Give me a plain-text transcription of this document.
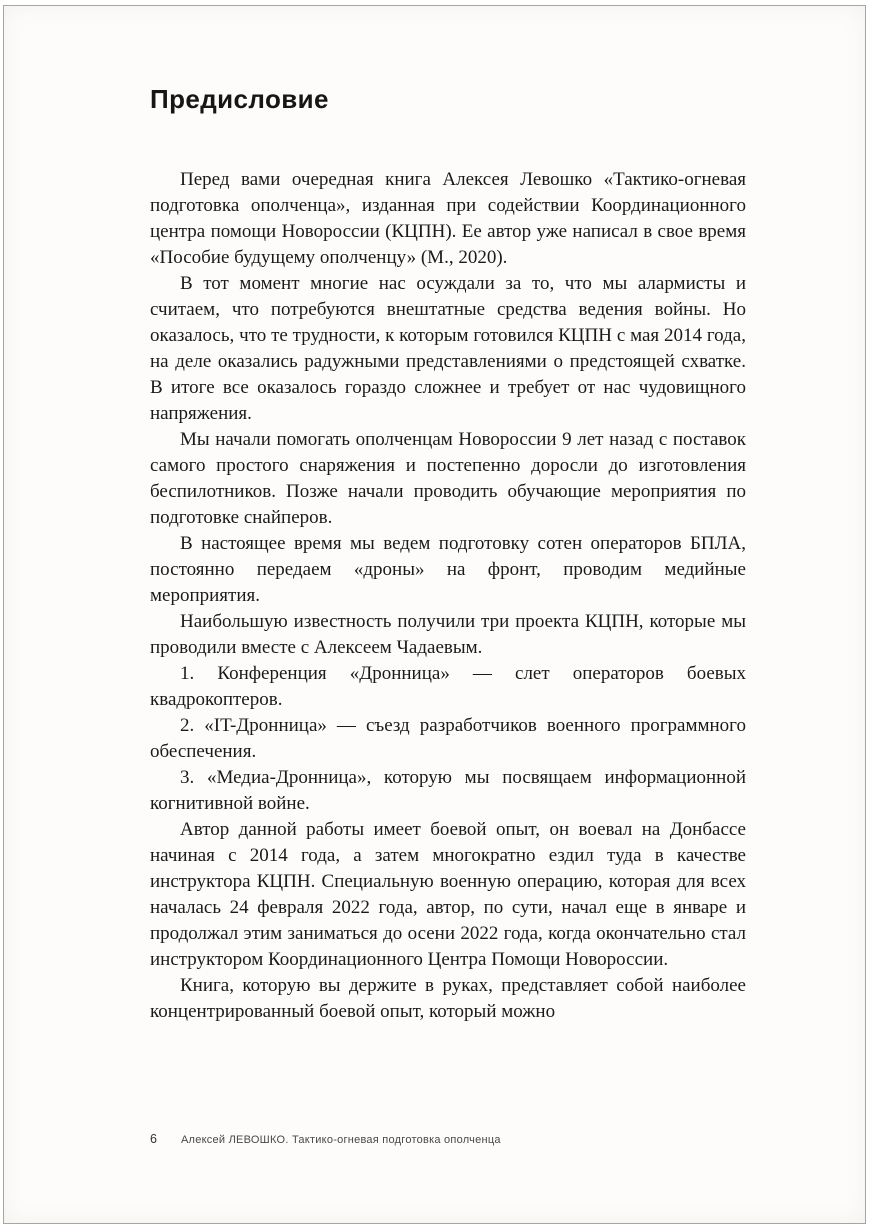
Предисловие

Перед вами очередная книга Алексея Левошко «Тактико-огневая подготовка ополченца», изданная при содействии Координационного центра помощи Новороссии (КЦПН). Ее автор уже написал в свое время «Пособие будущему ополченцу» (М., 2020).

В тот момент многие нас осуждали за то, что мы алармисты и считаем, что потребуются внештатные средства ведения войны. Но оказалось, что те трудности, к которым готовился КЦПН с мая 2014 года, на деле оказались радужными представлениями о предстоящей схватке. В итоге все оказалось гораздо сложнее и требует от нас чудовищного напряжения.

Мы начали помогать ополченцам Новороссии 9 лет назад с поставок самого простого снаряжения и постепенно доросли до изготовления беспилотников. Позже начали проводить обучающие мероприятия по подготовке снайперов.

В настоящее время мы ведем подготовку сотен операторов БПЛА, постоянно передаем «дроны» на фронт, проводим медийные мероприятия.

Наибольшую известность получили три проекта КЦПН, которые мы проводили вместе с Алексеем Чадаевым.

1. Конференция «Дронница» — слет операторов боевых квадрокоптеров.

2. «IT-Дронница» — съезд разработчиков военного программного обеспечения.

3. «Медиа-Дронница», которую мы посвящаем информационной когнитивной войне.

Автор данной работы имеет боевой опыт, он воевал на Донбассе начиная с 2014 года, а затем многократно ездил туда в качестве инструктора КЦПН. Специальную военную операцию, которая для всех началась 24 февраля 2022 года, автор, по сути, начал еще в январе и продолжал этим заниматься до осени 2022 года, когда окончательно стал инструктором Координационного Центра Помощи Новороссии.

Книга, которую вы держите в руках, представляет собой наиболее концентрированный боевой опыт, который можно

6 Алексей ЛЕВОШКО. Тактико-огневая подготовка ополченца
